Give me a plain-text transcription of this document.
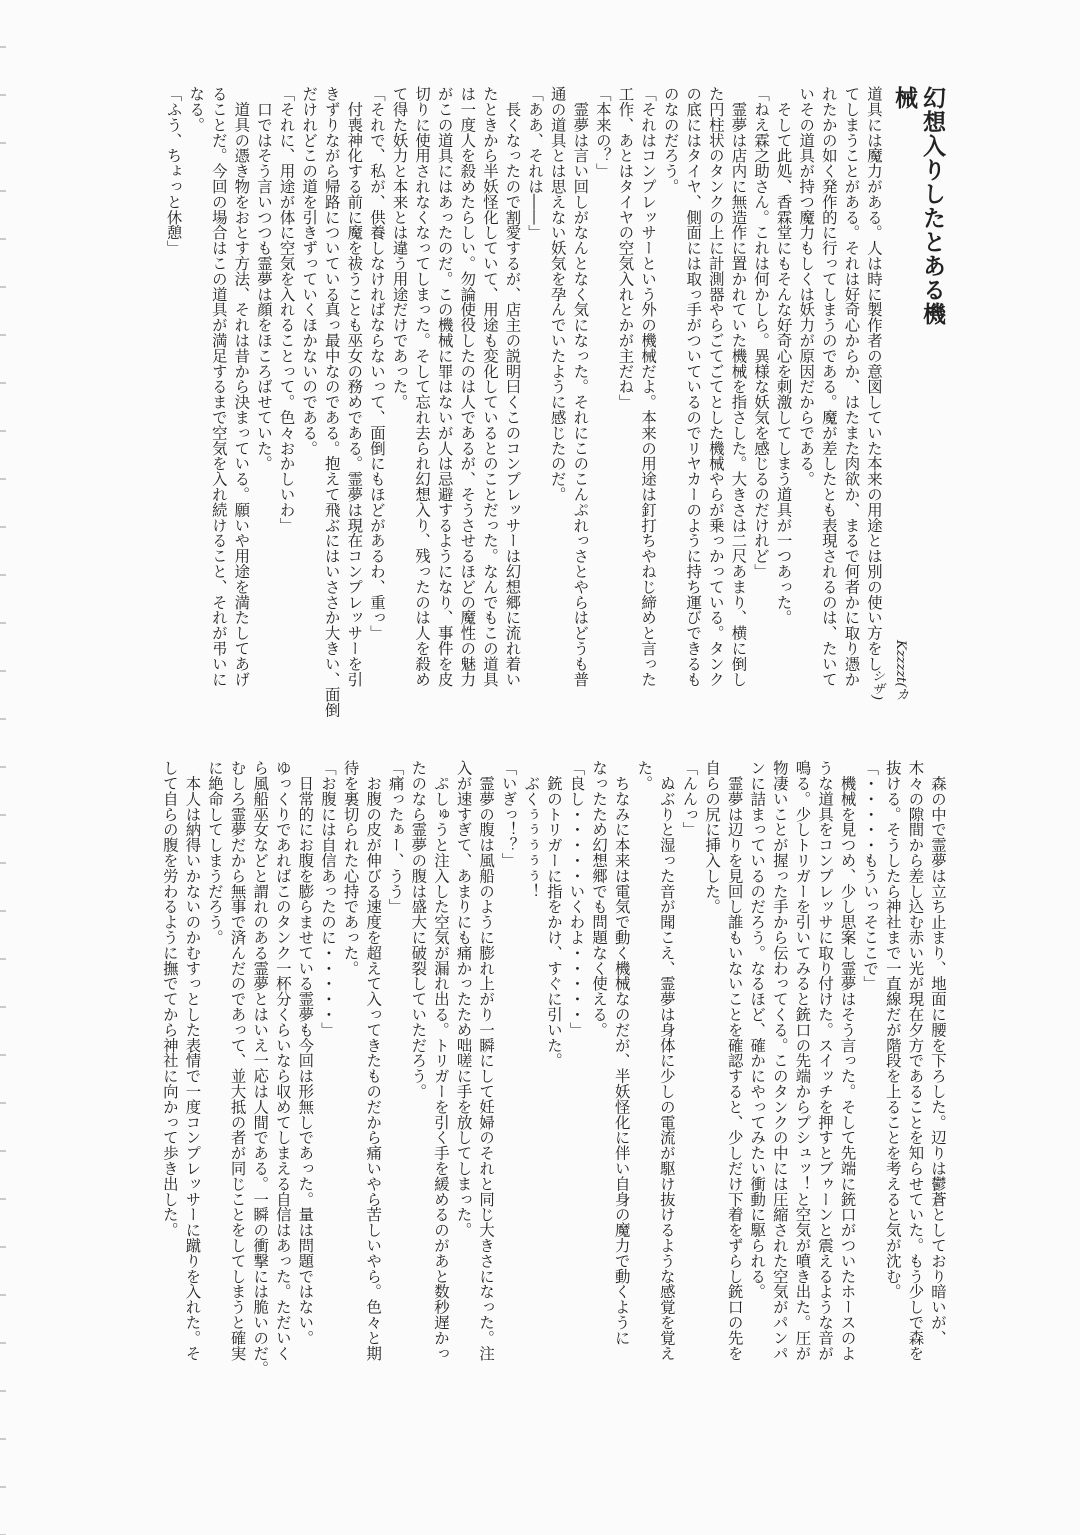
幻想入りしたとある機械
Kzzzzt(カシザ)
道具には魔力がある。人は時に製作者の意図していた本来の用途とは別の使い方をし
てしまうことがある。それは好奇心からか、はたまた肉欲か、まるで何者かに取り憑か
れたかの如く発作的に行ってしまうのである。魔が差したとも表現されるのは、たいて
いその道具が持つ魔力もしくは妖力が原因だからである。
　そして此処、香霖堂にもそんな好奇心を刺激してしまう道具が一つあった。
「ねえ霖之助さん。これは何かしら。異様な妖気を感じるのだけれど」
　霊夢は店内に無造作に置かれていた機械を指さした。大きさは二尺あまり、横に倒し
た円柱状のタンクの上に計測器やらごてごてとした機械やらが乗っかっている。タンク
の底にはタイヤ、側面には取っ手がついているのでリヤカーのように持ち運びできるも
のなのだろう。
「それはコンプレッサーという外の機械だよ。本来の用途は釘打ちやねじ締めと言った
工作、あとはタイヤの空気入れとかが主だね」
「本来の？」
　霊夢は言い回しがなんとなく気になった。それにこのこんぷれっさとやらはどうも普
通の道具とは思えない妖気を孕んでいたように感じたのだ。
「ああ、それは――」
　長くなったので割愛するが、店主の説明曰くこのコンプレッサーは幻想郷に流れ着い
たときから半妖怪化していて、用途も変化しているとのことだった。なんでもこの道具
は一度人を殺めたらしい。勿論使役したのは人であるが、そうさせるほどの魔性の魅力
がこの道具にはあったのだ。この機械に罪はないが人は忌避するようになり、事件を皮
切りに使用されなくなってしまった。そして忘れ去られ幻想入り、残ったのは人を殺め
て得た妖力と本来とは違う用途だけであった。
「それで、私が、供養しなければならないって、面倒にもほどがあるわ、重っ」
　付喪神化する前に魔を祓うことも巫女の務めである。霊夢は現在コンプレッサーを引
きずりながら帰路についている真っ最中なのである。抱えて飛ぶにはいささか大きい、面倒
だけれどこの道を引きずっていくほかないのである。
「それに、用途が体に空気を入れることって。色々おかしいわ」
　口ではそう言いつつも霊夢は顔をほころばせていた。
　道具の憑き物をおとす方法、それは昔から決まっている。願いや用途を満たしてあげ
ることだ。今回の場合はこの道具が満足するまで空気を入れ続けること、それが弔いに
なる。
「ふう、ちょっと休憩」
　森の中で霊夢は立ち止まり、地面に腰を下ろした。辺りは鬱蒼としており暗いが、
木々の隙間から差し込む赤い光が現在夕方であることを知らせていた。もう少しで森を
抜ける。そうしたら神社まで一直線だが階段を上ることを考えると気が沈む。
「・・・・・もういっそここで」
　機械を見つめ、少し思案し霊夢はそう言った。そして先端に銃口がついたホースのよ
うな道具をコンプレッサに取り付けた。スイッチを押すとブゥーンと震えるような音が
鳴る。少しトリガーを引いてみると銃口の先端からプシュッ！と空気が噴き出た。圧が
物凄いことが握った手から伝わってくる。このタンクの中には圧縮された空気がパンパ
ンに詰まっているのだろう。なるほど、確かにやってみたい衝動に駆られる。
　霊夢は辺りを見回し誰もいないことを確認すると、少しだけ下着をずらし銃口の先を
自らの尻に挿入した。
「んんっ」
　ぬぶりと湿った音が聞こえ、霊夢は身体に少しの電流が駆け抜けるような感覚を覚え
た。
　ちなみに本来は電気で動く機械なのだが、半妖怪化に伴い自身の魔力で動くように
なったため幻想郷でも問題なく使える。
「良し・・・・・いくわよ・・・・・」
　銃のトリガーに指をかけ、すぐに引いた。
　ぶくぅぅぅぅぅ！
「いぎっ！？」
　霊夢の腹は風船のように膨れ上がり一瞬にして妊婦のそれと同じ大きさになった。注
入が速すぎて、あまりにも痛かったため咄嗟に手を放してしまった。
　ぷしゅうと注入した空気が漏れ出る。トリガーを引く手を緩めるのがあと数秒遅かっ
たのなら霊夢の腹は盛大に破裂していただろう。
「痛ったぁー、うう」
　お腹の皮が伸びる速度を超えて入ってきたものだから痛いやら苦しいやら。色々と期
待を裏切られた心持であった。
「お腹には自信あったのに・・・・・」
　日常的にお腹を膨らませている霊夢も今回は形無しであった。量は問題ではない。
ゆっくりであればこのタンク一杯分くらいなら収めてしまえる自信はあった。ただいく
ら風船巫女などと謂れのある霊夢とはいえ一応は人間である。一瞬の衝撃には脆いのだ。
むしろ霊夢だから無事で済んだのであって、並大抵の者が同じことをしてしまうと確実
に絶命してしまうだろう。
　本人は納得いかないのかむすっとした表情で一度コンプレッサーに蹴りを入れた。そ
して自らの腹を労わるように撫でてから神社に向かって歩き出した。
